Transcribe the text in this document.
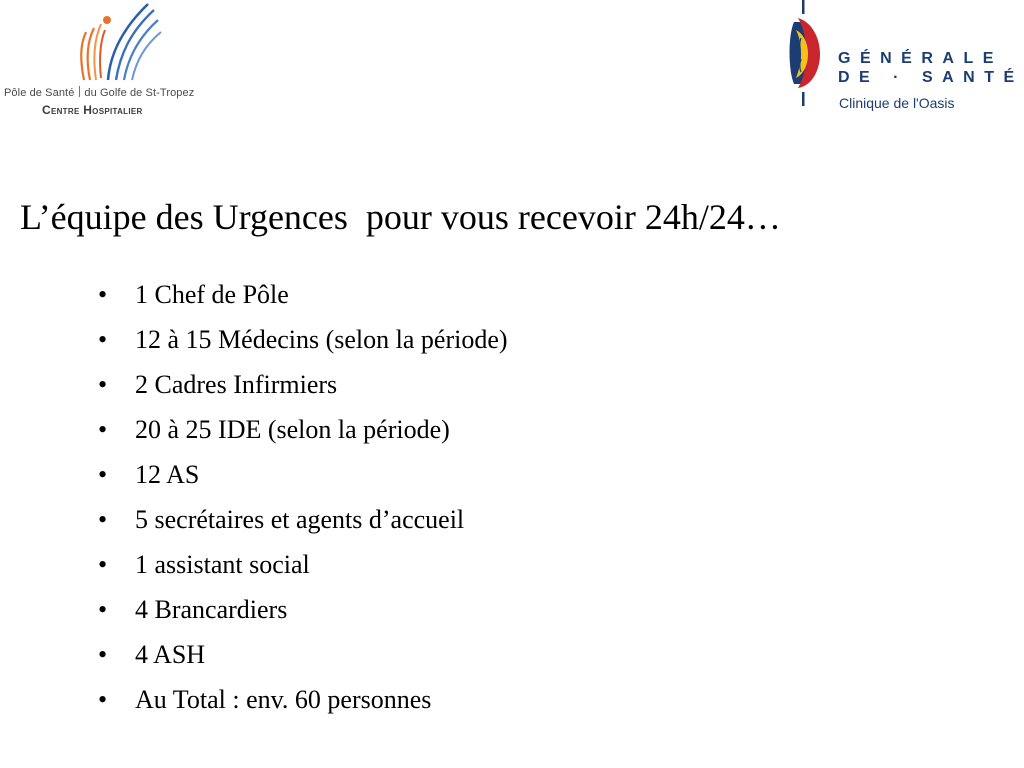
Pôle de Santé du Golfe de St-Tropez
Centre Hospitalier
GÉNÉRALE
DE · SANTÉ
Clinique de l'Oasis
L’équipe des Urgences  pour vous recevoir 24h/24…
• 1 Chef de Pôle
• 12 à 15 Médecins (selon la période)
• 2 Cadres Infirmiers
• 20 à 25 IDE (selon la période)
• 12 AS
• 5 secrétaires et agents d’accueil
• 1 assistant social
• 4 Brancardiers
• 4 ASH
• Au Total : env. 60 personnes
